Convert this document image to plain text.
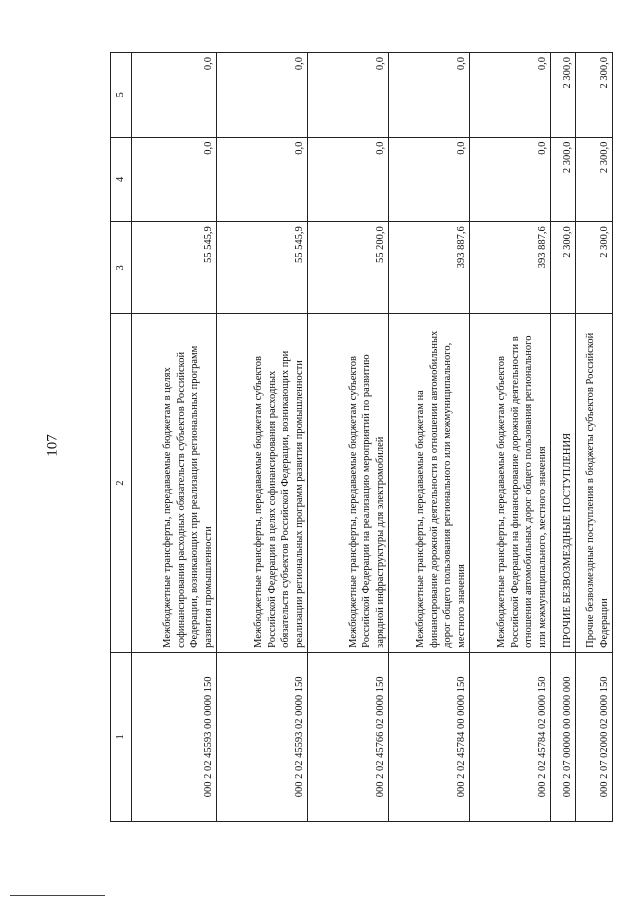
107
1	2	3	4	5
000 2 02 45593 00 0000 150	Межбюджетные трансферты, передаваемые бюджетам в целях софинансирования расходных обязательств субъектов Российской Федерации, возникающих при реализации региональных программ развития промышленности	55 545,9	0,0	0,0
000 2 02 45593 02 0000 150	Межбюджетные трансферты, передаваемые бюджетам субъектов Российской Федерации в целях софинансирования расходных обязательств субъектов Российской Федерации, возникающих при реализации региональных программ развития промышленности	55 545,9	0,0	0,0
000 2 02 45766 02 0000 150	Межбюджетные трансферты, передаваемые бюджетам субъектов Российской Федерации на реализацию мероприятий по развитию зарядной инфраструктуры для электромобилей	55 200,0	0,0	0,0
000 2 02 45784 00 0000 150	Межбюджетные трансферты, передаваемые бюджетам на финансирование дорожной деятельности в отношении автомобильных дорог общего пользования регионального или межмуниципального, местного значения	393 887,6	0,0	0,0
000 2 02 45784 02 0000 150	Межбюджетные трансферты, передаваемые бюджетам субъектов Российской Федерации на финансирование дорожной деятельности в отношении автомобильных дорог общего пользования регионального или межмуниципального, местного значения	393 887,6	0,0	0,0
000 2 07 00000 00 0000 000	ПРОЧИЕ БЕЗВОЗМЕЗДНЫЕ ПОСТУПЛЕНИЯ	2 300,0	2 300,0	2 300,0
000 2 07 02000 02 0000 150	Прочие безвозмездные поступления в бюджеты субъектов Российской Федерации	2 300,0	2 300,0	2 300,0
